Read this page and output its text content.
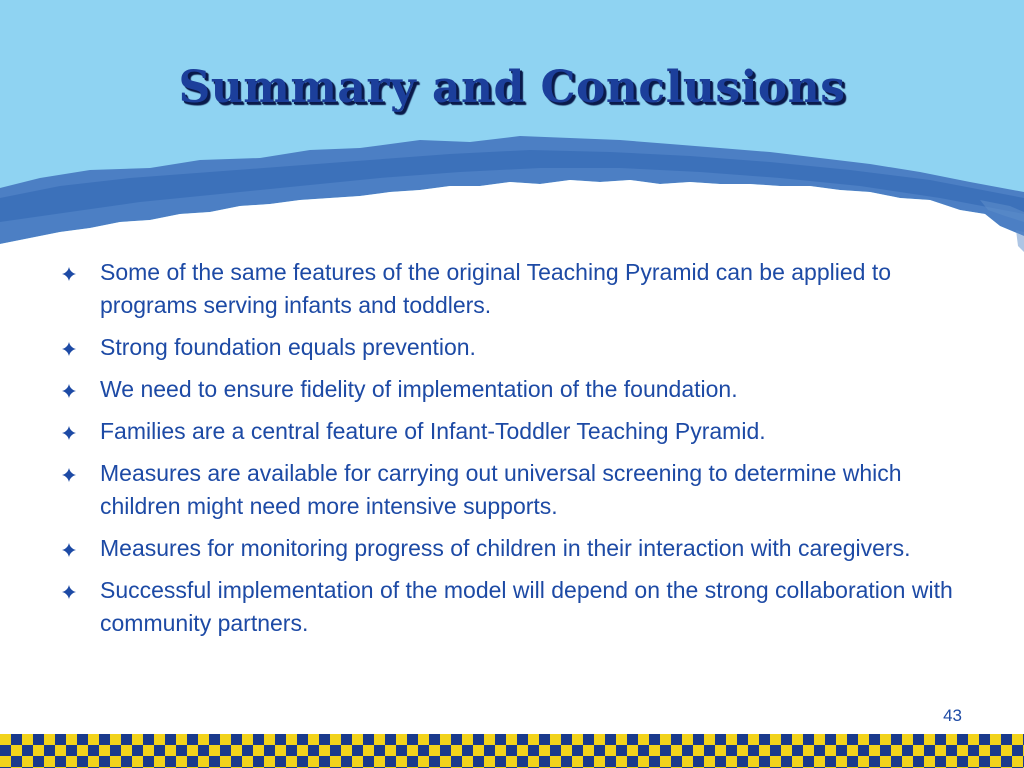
Summary and Conclusions
Some of the same features of the original Teaching Pyramid can be applied to programs serving infants and toddlers.
Strong foundation equals prevention.
We need to ensure fidelity of implementation of the foundation.
Families are a central feature of Infant-Toddler Teaching Pyramid.
Measures are available for carrying out universal screening to determine which children might need more intensive supports.
Measures for monitoring progress of children in their interaction with caregivers.
Successful implementation of the model will depend on the strong collaboration with community partners.
43
